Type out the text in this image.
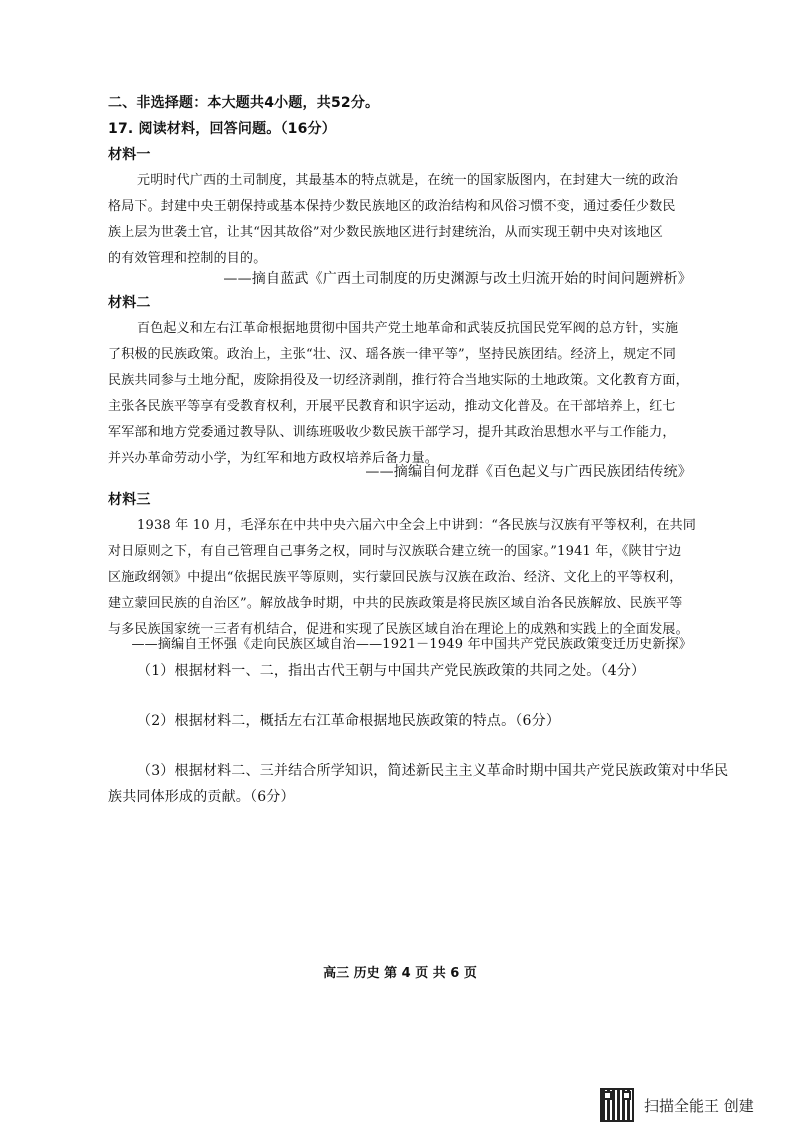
二、非选择题：本大题共4小题，共52分。
17. 阅读材料，回答问题。（16分）
材料一
元明时代广西的土司制度，其最基本的特点就是，在统一的国家版图内，在封建大一统的政治
格局下。封建中央王朝保持或基本保持少数民族地区的政治结构和风俗习惯不变，通过委任少数民
族上层为世袭土官，让其“因其故俗”对少数民族地区进行封建统治，从而实现王朝中央对该地区
的有效管理和控制的目的。
——摘自蓝武《广西土司制度的历史渊源与改土归流开始的时间问题辨析》
材料二
百色起义和左右江革命根据地贯彻中国共产党土地革命和武装反抗国民党军阀的总方针，实施
了积极的民族政策。政治上，主张“壮、汉、瑶各族一律平等”，坚持民族团结。经济上，规定不同
民族共同参与土地分配，废除捐役及一切经济剥削，推行符合当地实际的土地政策。文化教育方面，
主张各民族平等享有受教育权利，开展平民教育和识字运动，推动文化普及。在干部培养上，红七
军军部和地方党委通过教导队、训练班吸收少数民族干部学习，提升其政治思想水平与工作能力，
并兴办革命劳动小学，为红军和地方政权培养后备力量。
——摘编自何龙群《百色起义与广西民族团结传统》
材料三
1938 年 10 月，毛泽东在中共中央六届六中全会上中讲到：“各民族与汉族有平等权利，在共同
对日原则之下，有自己管理自己事务之权，同时与汉族联合建立统一的国家。”1941 年，《陕甘宁边
区施政纲领》中提出“依据民族平等原则，实行蒙回民族与汉族在政治、经济、文化上的平等权利，
建立蒙回民族的自治区”。解放战争时期，中共的民族政策是将民族区域自治各民族解放、民族平等
与多民族国家统一三者有机结合，促进和实现了民族区域自治在理论上的成熟和实践上的全面发展。
——摘编自王怀强《走向民族区域自治——1921－1949 年中国共产党民族政策变迁历史新探》
（1）根据材料一、二，指出古代王朝与中国共产党民族政策的共同之处。（4分）
（2）根据材料二，概括左右江革命根据地民族政策的特点。（6分）
（3）根据材料二、三并结合所学知识，简述新民主主义革命时期中国共产党民族政策对中华民
族共同体形成的贡献。（6分）
高三 历史 第 4 页 共 6 页
扫描全能王 创建
